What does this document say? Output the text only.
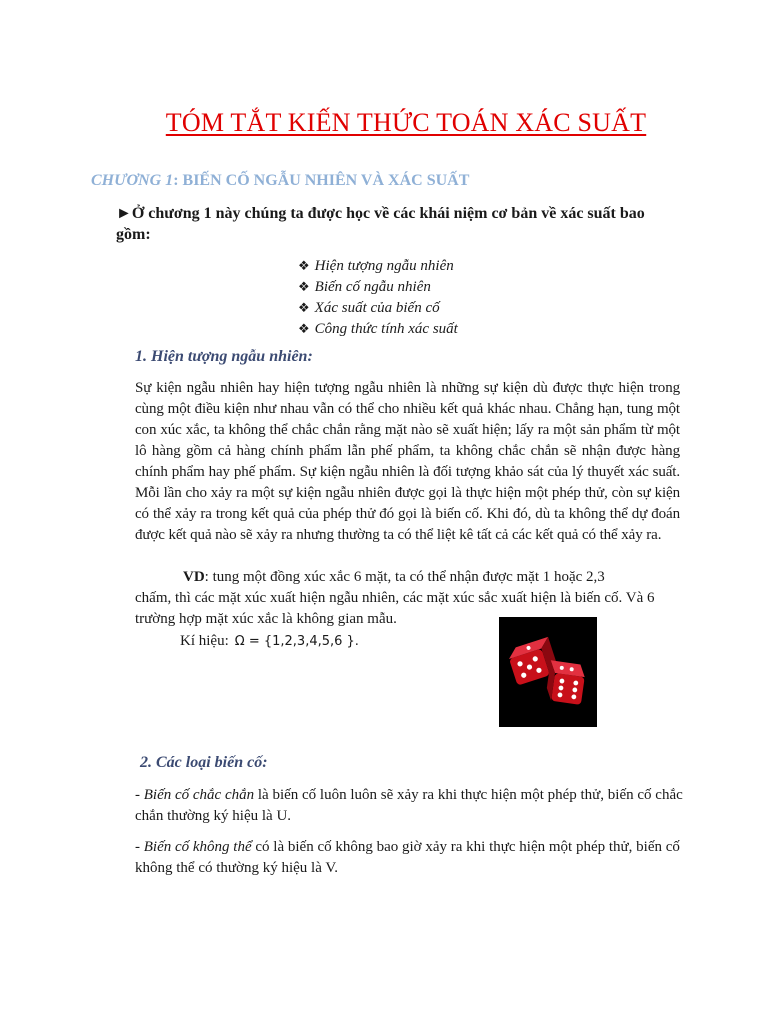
TÓM TẮT KIẾN THỨC TOÁN XÁC SUẤT
CHƯƠNG 1: BIẾN CỐ NGẪU NHIÊN VÀ XÁC SUẤT

►Ở chương 1 này chúng ta được học về các khái niệm cơ bản về xác suất bao gồm:

❖ Hiện tượng ngẫu nhiên
❖ Biến cố ngẫu nhiên
❖ Xác suất của biến cố
❖ Công thức tính xác suất
1. Hiện tượng ngẫu nhiên:

Sự kiện ngẫu nhiên hay hiện tượng ngẫu nhiên là những sự kiện dù được thực hiện trong cùng một điều kiện như nhau vẫn có thể cho nhiều kết quả khác nhau. Chẳng hạn, tung một con xúc xắc, ta không thể chắc chắn rằng mặt nào sẽ xuất hiện; lấy ra một sản phẩm từ một lô hàng gồm cả hàng chính phẩm lẫn phế phẩm, ta không chắc chắn sẽ nhận được hàng chính phẩm hay phế phẩm. Sự kiện ngẫu nhiên là đối tượng khảo sát của lý thuyết xác suất. Mỗi lần cho xảy ra một sự kiện ngẫu nhiên được gọi là thực hiện một phép thử, còn sự kiện có thể xảy ra trong kết quả của phép thử đó gọi là biến cố. Khi đó, dù ta không thể dự đoán được kết quả nào sẽ xảy ra nhưng thường ta có thể liệt kê tất cả các kết quả có thể xảy ra.

VD: tung một đồng xúc xắc 6 mặt, ta có thể nhận được mặt 1 hoặc 2,3

chấm, thì các mặt xúc xuất hiện ngẫu nhiên, các mặt xúc sắc xuất hiện là biến cố. Và 6 trường hợp mặt xúc xắc là không gian mẫu.

Kí hiệu: Ω = {1,2,3,4,5,6 }.

2. Các loại biến cố:

- Biến cố chắc chắn là biến cố luôn luôn sẽ xảy ra khi thực hiện một phép thử, biến cố chắc chắn thường ký hiệu là U.

- Biến cố không thể có là biến cố không bao giờ xảy ra khi thực hiện một phép thử, biến cố không thể có thường ký hiệu là V.
